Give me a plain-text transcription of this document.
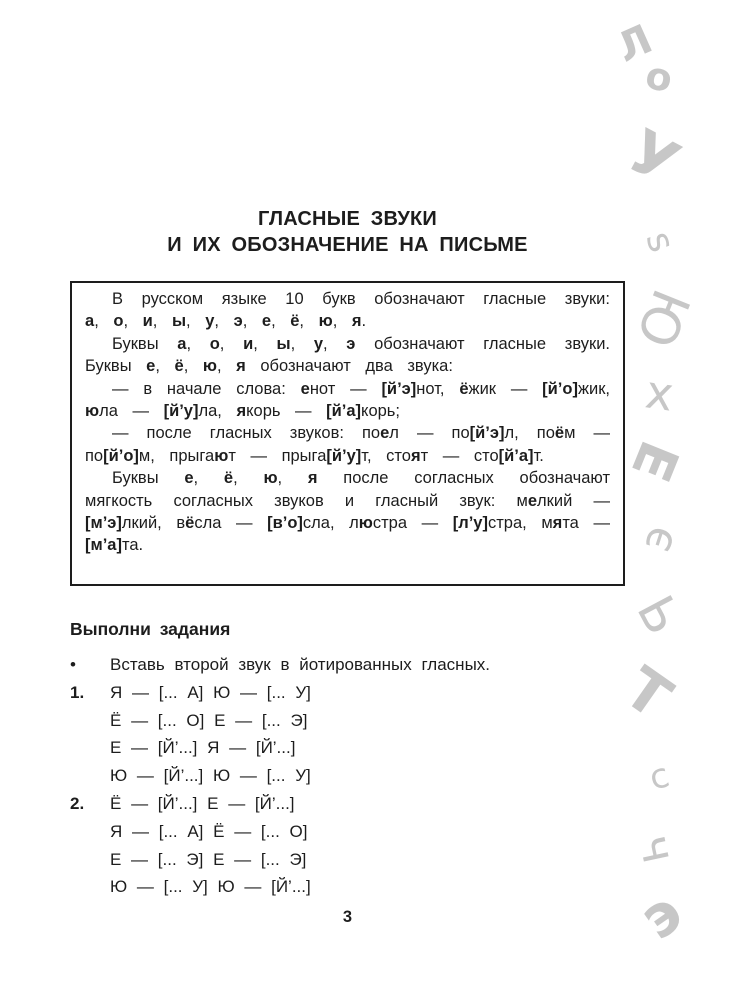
Л
о
У
s
Ю
х
Е
э
Ь
Т
с
ч
э
ГЛАСНЫЕ ЗВУКИ
И ИХ ОБОЗНАЧЕНИЕ НА ПИСЬМЕ

В русском языке 10 букв обозначают гласные звуки: а, о, и, ы, у, э, е, ё, ю, я.

Буквы а, о, и, ы, у, э обозначают гласные звуки. Буквы е, ё, ю, я обозначают два звука:

— в начале слова: енот — [й’э]нот, ёжик — [й’о]жик, юла — [й’у]ла, якорь — [й’а]корь;

— после гласных звуков: поел — по[й’э]л, поём — по[й’о]м, прыгают — прыга[й’у]т, стоят — сто[й’а]т.

Буквы е, ё, ю, я после согласных обозначают мягкость согласных звуков и гласный звук: мелкий — [м’э]лкий, вёсла — [в’о]сла, люстра — [л’у]стра, мята — [м’а]та.

Выполни задания
•	Вставь второй звук в йотированных гласных.
1.	Я — [... А] Ю — [... У]
Ё — [... О] Е — [... Э]
Е — [Й’...] Я — [Й’...]
Ю — [Й’...] Ю — [... У]
2.	Ё — [Й’...] Е — [Й’...]
Я — [... А] Ё — [... О]
Е — [... Э] Е — [... Э]
Ю — [... У] Ю — [Й’...]
3
